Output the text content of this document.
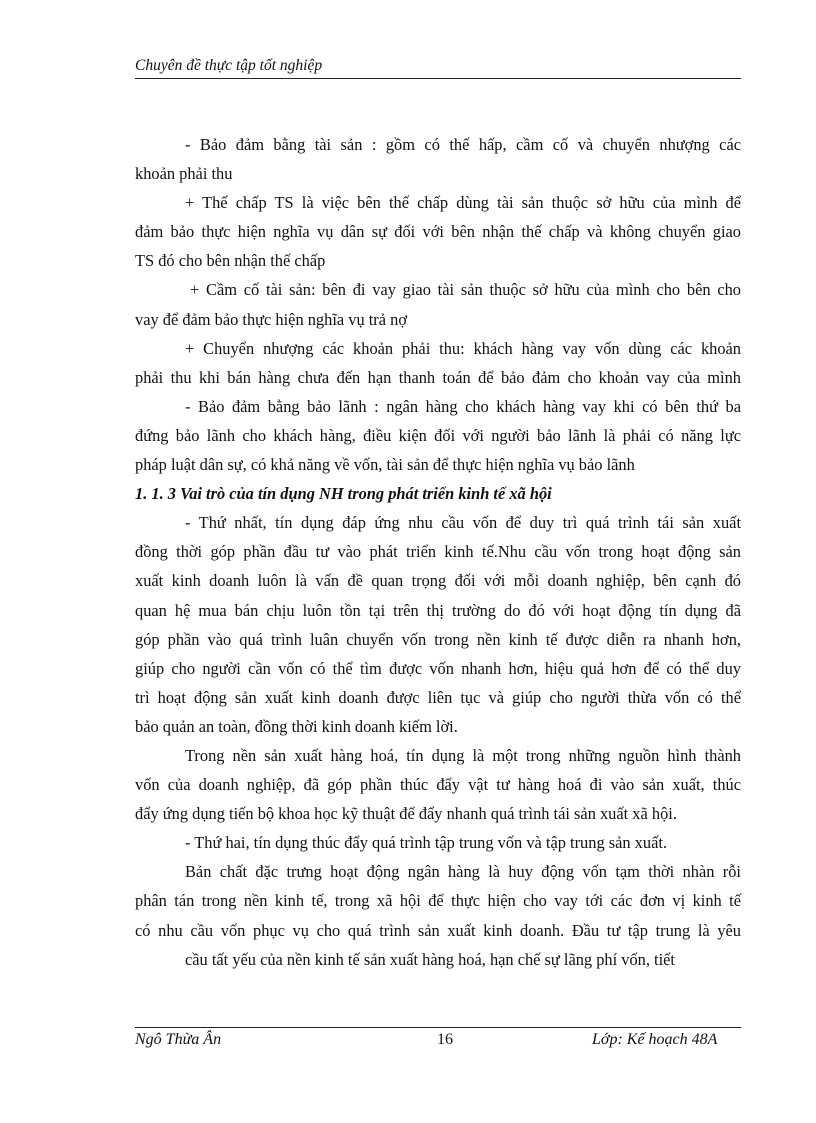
Chuyên đề thực tập tốt nghiệp
- Bảo đảm bằng tài sản : gồm có thế hấp, cầm cố và chuyển nhượng các
khoản phải thu
+ Thế chấp TS là việc bên thế chấp dùng tài sản thuộc sở hữu của mình để
đảm bảo thực hiện nghĩa vụ dân sự đối với bên nhận thế chấp và không chuyển giao
TS đó cho bên nhận thế chấp
+ Cầm cố tài sản: bên đi vay giao tài sản thuộc sở hữu của mình cho bên cho
vay để đảm bảo thực hiện nghĩa vụ trả nợ
+ Chuyển nhượng các khoản phải thu: khách hàng vay vốn dùng các khoản
phải thu khi bán hàng chưa đến hạn thanh toán để bảo đảm cho khoản vay của mình
- Bảo đảm bằng bảo lãnh : ngân hàng cho khách hàng vay khi có bên thứ ba
đứng bảo lãnh cho khách hàng, điều kiện đối với người bảo lãnh là phải có năng lực
pháp luật dân sự, có khả năng về vốn, tài sản để thực hiện nghĩa vụ bảo lãnh
1. 1. 3 Vai trò của tín dụng NH trong phát triển kinh tế xã hội
- Thứ nhất, tín dụng đáp ứng nhu cầu vốn để duy trì quá trình tái sản xuất
đồng thời góp phần đầu tư vào phát triển kinh tế.Nhu cầu vốn trong hoạt động sản
xuất kinh doanh luôn là vấn đề quan trọng đối với mỗi doanh nghiệp, bên cạnh đó
quan hệ mua bán chịu luôn tồn tại trên thị trường do đó với hoạt động tín dụng đã
góp phần vào quá trình luân chuyển vốn trong nền kinh tế được diễn ra nhanh hơn,
giúp cho người cần vốn có thể tìm được vốn nhanh hơn, hiệu quả hơn để có thể duy
trì hoạt động sản xuất kinh doanh được liên tục và giúp cho người thừa vốn có thể
bảo quản an toàn, đồng thời kinh doanh kiếm lời.
Trong nền sản xuất hàng hoá, tín dụng là một trong những nguồn hình thành
vốn của doanh nghiệp, đã góp phần thúc đẩy vật tư hàng hoá đi vào sản xuất, thúc
đẩy ứng dụng tiến bộ khoa học kỹ thuật để đẩy nhanh quá trình tái sản xuất xã hội.
- Thứ hai, tín dụng thúc đẩy quá trình tập trung vốn và tập trung sản xuất.
Bản chất đặc trưng hoạt động ngân hàng là huy động vốn tạm thời nhàn rỗi
phân tán trong nền kinh tế, trong xã hội để thực hiện cho vay tới các đơn vị kinh tế
có nhu cầu vốn phục vụ cho quá trình sản xuất kinh doanh. Đầu tư tập trung là yêu
cầu tất yếu của nền kinh tế sản xuất hàng hoá, hạn chế sự lãng phí vốn, tiết
Ngô Thừa Ân	16	Lớp: Kế hoạch 48A
